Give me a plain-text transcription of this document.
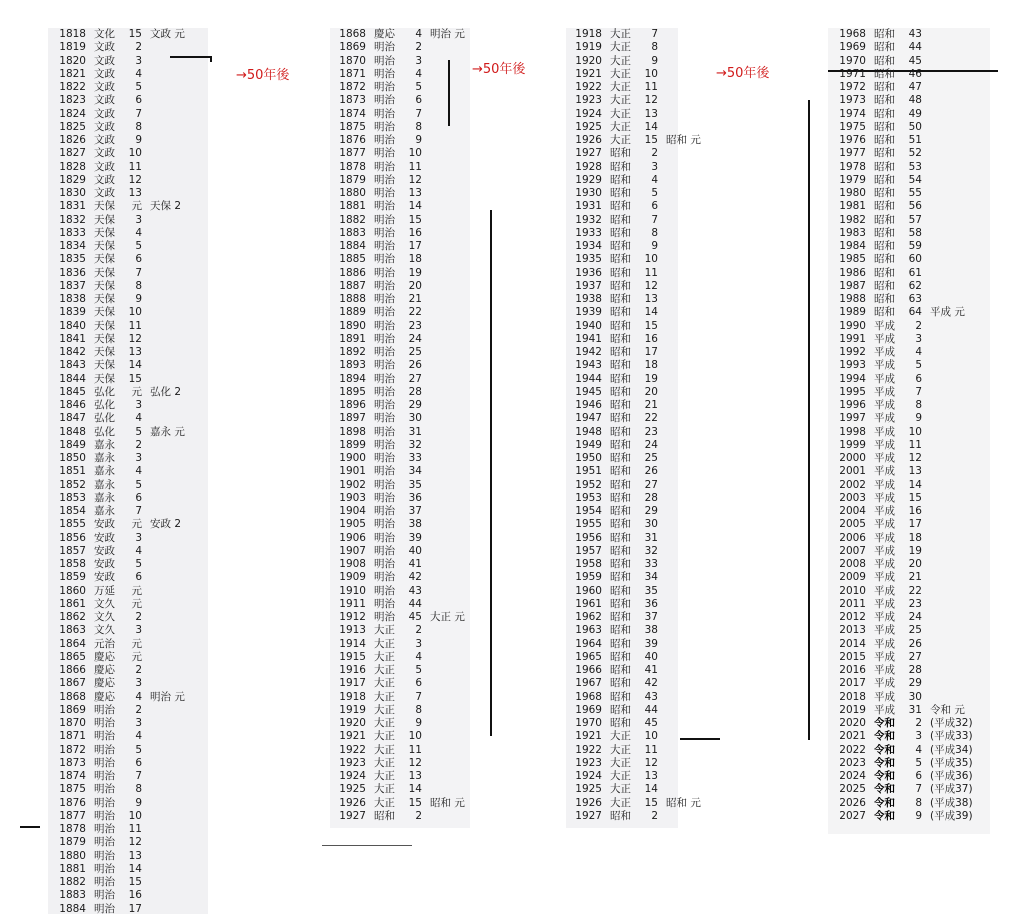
→50年後	→50年後	→50年後
1818 文化	15 文政 元
1819 文政	2
1820 文政	3
1821 文政	4
1822 文政	5
1823 文政	6
1824 文政	7
1825 文政	8
1826 文政	9
1827 文政	10
1828 文政	11
1829 文政	12
1830 文政	13
1831 天保	元 天保 2
1832 天保	3
1833 天保	4
1834 天保	5
1835 天保	6
1836 天保	7
1837 天保	8
1838 天保	9
1839 天保	10
1840 天保	11
1841 天保	12
1842 天保	13
1843 天保	14
1844 天保	15
1845 弘化	元 弘化 2
1846 弘化	3
1847 弘化	4
1848 弘化	5 嘉永 元
1849 嘉永	2
1850 嘉永	3
1851 嘉永	4
1852 嘉永	5
1853 嘉永	6
1854 嘉永	7
1855 安政	元 安政 2
1856 安政	3
1857 安政	4
1858 安政	5
1859 安政	6
1860 万延	元
1861 文久	元
1862 文久	2
1863 文久	3
1864 元治	元
1865 慶応	元
1866 慶応	2
1867 慶応	3
1868 慶応	4 明治 元
1869 明治	2
1870 明治	3
1871 明治	4
1872 明治	5
1873 明治	6
1874 明治	7
1875 明治	8
1876 明治	9
1877 明治	10
1878 明治	11
1879 明治	12
1880 明治	13
1881 明治	14
1882 明治	15
1883 明治	16
1884 明治	17
1868 慶応	4 明治 元
1869 明治	2
1870 明治	3
1871 明治	4
1872 明治	5
1873 明治	6
1874 明治	7
1875 明治	8
1876 明治	9
1877 明治	10
1878 明治	11
1879 明治	12
1880 明治	13
1881 明治	14
1882 明治	15
1883 明治	16
1884 明治	17
1885 明治	18
1886 明治	19
1887 明治	20
1888 明治	21
1889 明治	22
1890 明治	23
1891 明治	24
1892 明治	25
1893 明治	26
1894 明治	27
1895 明治	28
1896 明治	29
1897 明治	30
1898 明治	31
1899 明治	32
1900 明治	33
1901 明治	34
1902 明治	35
1903 明治	36
1904 明治	37
1905 明治	38
1906 明治	39
1907 明治	40
1908 明治	41
1909 明治	42
1910 明治	43
1911 明治	44
1912 明治	45 大正 元
1913 大正	2
1914 大正	3
1915 大正	4
1916 大正	5
1917 大正	6
1918 大正	7
1919 大正	8
1920 大正	9
1921 大正	10
1922 大正	11
1923 大正	12
1924 大正	13
1925 大正	14
1926 大正	15 昭和 元
1927 昭和	2
1918 大正	7
1919 大正	8
1920 大正	9
1921 大正	10
1922 大正	11
1923 大正	12
1924 大正	13
1925 大正	14
1926 大正	15 昭和 元
1927 昭和	2
1928 昭和	3
1929 昭和	4
1930 昭和	5
1931 昭和	6
1932 昭和	7
1933 昭和	8
1934 昭和	9
1935 昭和	10
1936 昭和	11
1937 昭和	12
1938 昭和	13
1939 昭和	14
1940 昭和	15
1941 昭和	16
1942 昭和	17
1943 昭和	18
1944 昭和	19
1945 昭和	20
1946 昭和	21
1947 昭和	22
1948 昭和	23
1949 昭和	24
1950 昭和	25
1951 昭和	26
1952 昭和	27
1953 昭和	28
1954 昭和	29
1955 昭和	30
1956 昭和	31
1957 昭和	32
1958 昭和	33
1959 昭和	34
1960 昭和	35
1961 昭和	36
1962 昭和	37
1963 昭和	38
1964 昭和	39
1965 昭和	40
1966 昭和	41
1967 昭和	42
1968 昭和	43
1969 昭和	44
1970 昭和	45
1921 大正	10
1922 大正	11
1923 大正	12
1924 大正	13
1925 大正	14
1926 大正	15 昭和 元
1927 昭和	2
1968 昭和	43
1969 昭和	44
1970 昭和	45
1971 昭和	46
1972 昭和	47
1973 昭和	48
1974 昭和	49
1975 昭和	50
1976 昭和	51
1977 昭和	52
1978 昭和	53
1979 昭和	54
1980 昭和	55
1981 昭和	56
1982 昭和	57
1983 昭和	58
1984 昭和	59
1985 昭和	60
1986 昭和	61
1987 昭和	62
1988 昭和	63
1989 昭和	64 平成 元
1990 平成	2
1991 平成	3
1992 平成	4
1993 平成	5
1994 平成	6
1995 平成	7
1996 平成	8
1997 平成	9
1998 平成	10
1999 平成	11
2000 平成	12
2001 平成	13
2002 平成	14
2003 平成	15
2004 平成	16
2005 平成	17
2006 平成	18
2007 平成	19
2008 平成	20
2009 平成	21
2010 平成	22
2011 平成	23
2012 平成	24
2013 平成	25
2014 平成	26
2015 平成	27
2016 平成	28
2017 平成	29
2018 平成	30
2019 平成	31 令和 元
2020 令和	2 (平成32)
2021 令和	3 (平成33)
2022 令和	4 (平成34)
2023 令和	5 (平成35)
2024 令和	6 (平成36)
2025 令和	7 (平成37)
2026 令和	8 (平成38)
2027 令和	9 (平成39)
